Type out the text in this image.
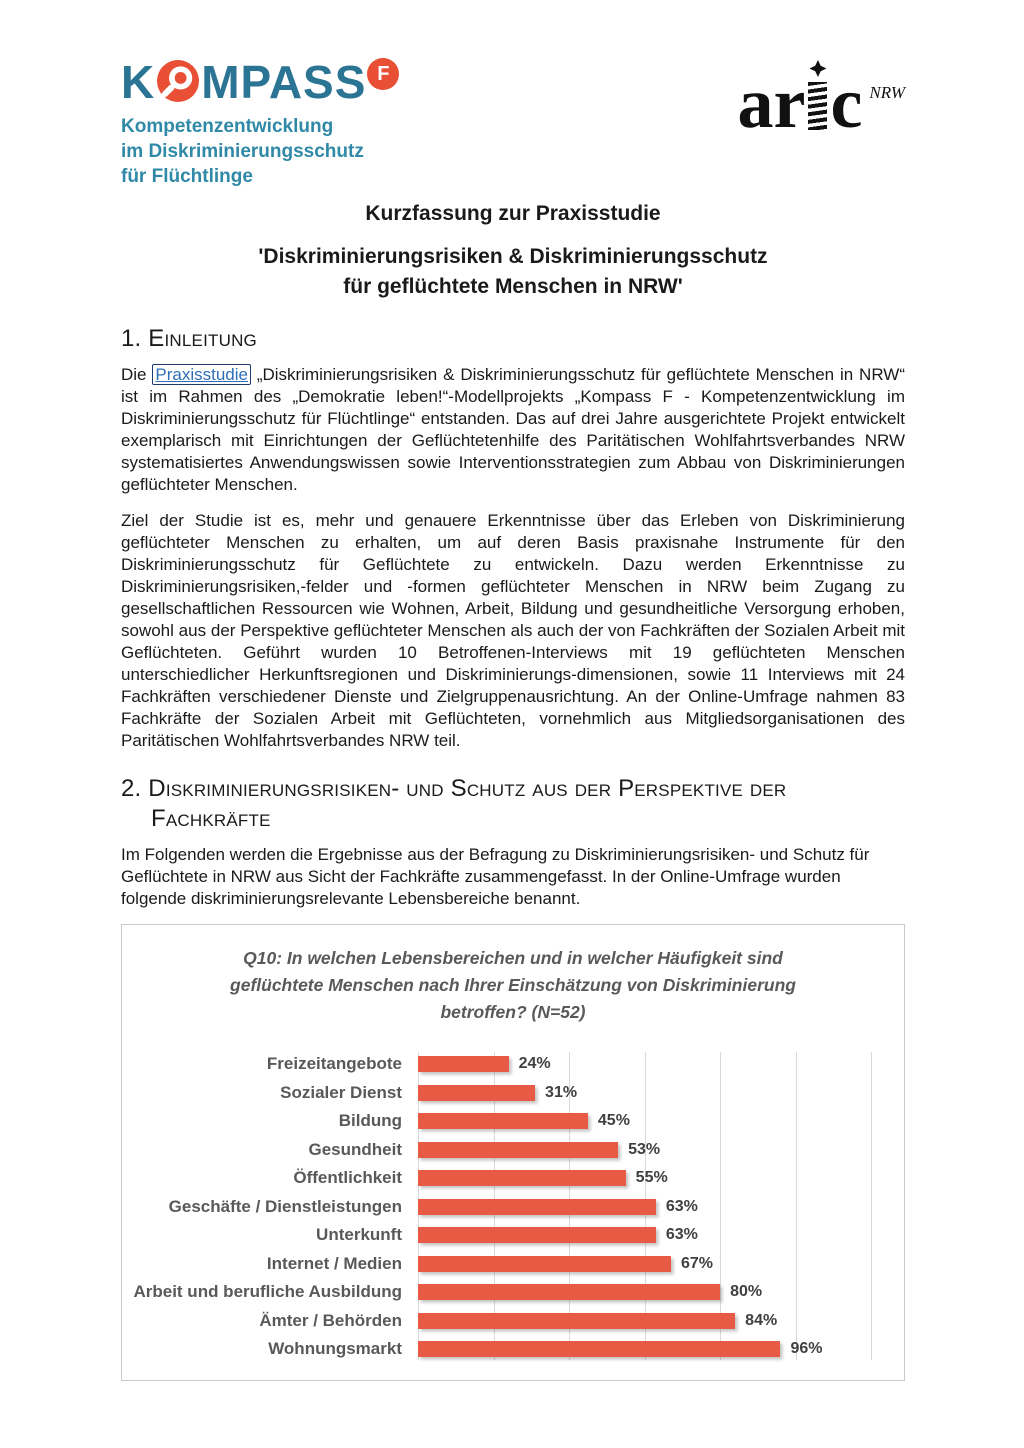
K MPASS F
Kompetenzentwicklung
im Diskriminierungsschutz
für Flüchtlinge
ar c NRW
Kurzfassung zur Praxisstudie
'Diskriminierungsrisiken & Diskriminierungsschutz
für geflüchtete Menschen in NRW'
1. Einleitung

Die Praxisstudie „Diskriminierungsrisiken & Diskriminierungsschutz für geflüchtete Menschen in NRW“ ist im Rahmen des „Demokratie leben!“-Modellprojekts „Kompass F - Kompetenzentwicklung im Diskriminierungsschutz für Flüchtlinge“ entstanden. Das auf drei Jahre ausgerichtete Projekt entwickelt exemplarisch mit Einrichtungen der Geflüchtetenhilfe des Paritätischen Wohlfahrtsverbandes NRW systematisiertes Anwendungswissen sowie Interventionsstrategien zum Abbau von Diskriminierungen geflüchteter Menschen.

Ziel der Studie ist es, mehr und genauere Erkenntnisse über das Erleben von Diskriminierung geflüchteter Menschen zu erhalten, um auf deren Basis praxisnahe Instrumente für den Diskriminierungsschutz für Geflüchtete zu entwickeln. Dazu werden Erkenntnisse zu Diskriminierungsrisiken,-felder und -formen geflüchteter Menschen in NRW beim Zugang zu gesellschaftlichen Ressourcen wie Wohnen, Arbeit, Bildung und gesundheitliche Versorgung erhoben, sowohl aus der Perspektive geflüchteter Menschen als auch der von Fachkräften der Sozialen Arbeit mit Geflüchteten. Geführt wurden 10 Betroffenen-Interviews mit 19 geflüchteten Menschen unterschiedlicher Herkunftsregionen und Diskriminierungs-dimensionen, sowie 11 Interviews mit 24 Fachkräften verschiedener Dienste und Zielgruppenausrichtung. An der Online-Umfrage nahmen 83 Fachkräfte der Sozialen Arbeit mit Geflüchteten, vornehmlich aus Mitgliedsorganisationen des Paritätischen Wohlfahrtsverbandes NRW teil.

2. Diskriminierungsrisiken- und Schutz aus der Perspektive der Fachkräfte

Im Folgenden werden die Ergebnisse aus der Befragung zu Diskriminierungsrisiken- und Schutz für Geflüchtete in NRW aus Sicht der Fachkräfte zusammengefasst. In der Online-Umfrage wurden folgende diskriminierungsrelevante Lebensbereiche benannt.

Q10: In welchen Lebensbereichen und in welcher Häufigkeit sind geflüchtete Menschen nach Ihrer Einschätzung von Diskriminierung betroffen? (N=52)
Freizeitangebote	24%
Sozialer Dienst	31%
Bildung	45%
Gesundheit	53%
Öffentlichkeit	55%
Geschäfte / Dienstleistungen	63%
Unterkunft	63%
Internet / Medien	67%
Arbeit und berufliche Ausbildung	80%
Ämter / Behörden	84%
Wohnungsmarkt	96%
